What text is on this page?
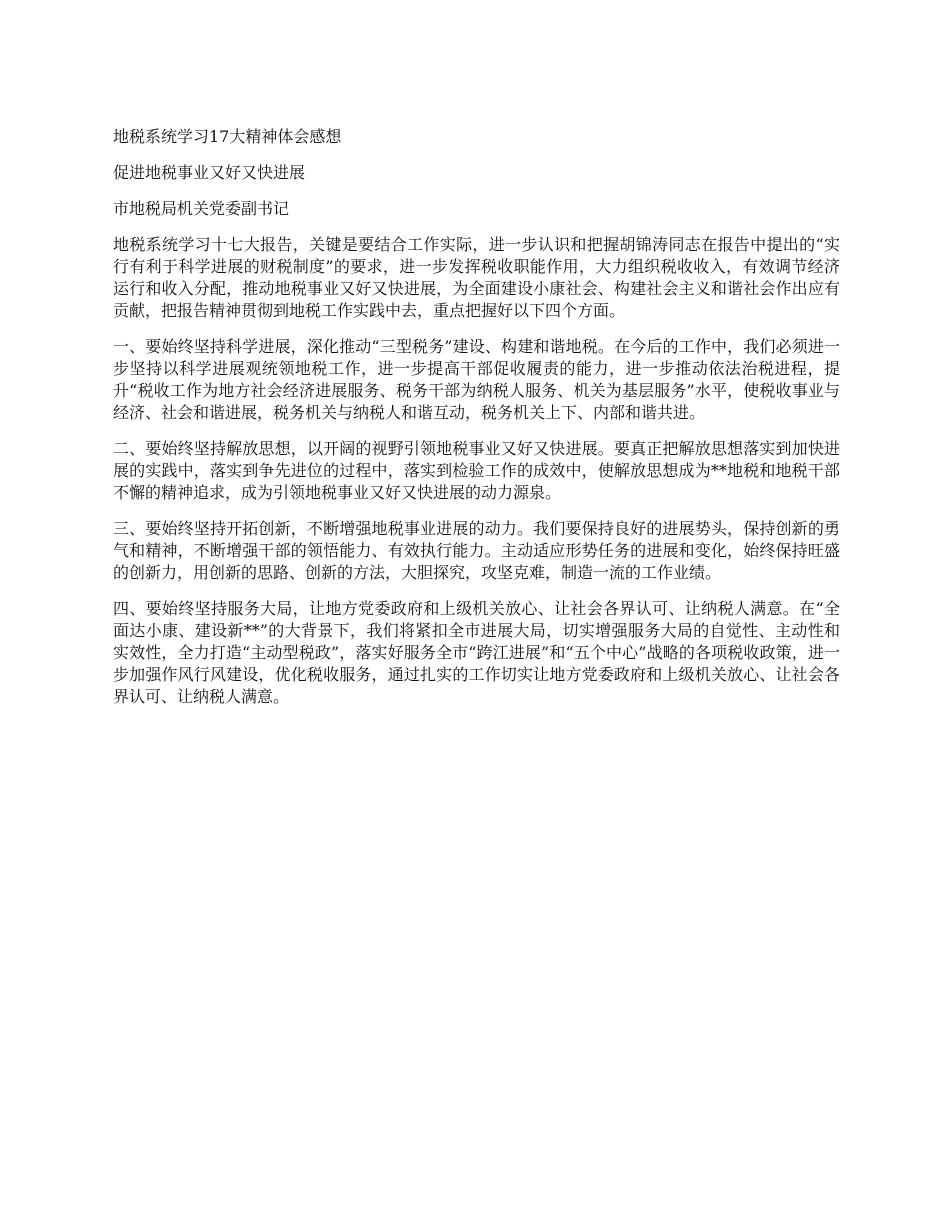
地税系统学习17大精神体会感想

促进地税事业又好又快进展

市地税局机关党委副书记

地税系统学习十七大报告，关键是要结合工作实际，进一步认识和把握胡锦涛同志在报告中提出的“实行有利于科学进展的财税制度”的要求，进一步发挥税收职能作用，大力组织税收收入，有效调节经济运行和收入分配，推动地税事业又好又快进展，为全面建设小康社会、构建社会主义和谐社会作出应有贡献，把报告精神贯彻到地税工作实践中去，重点把握好以下四个方面。

一、要始终坚持科学进展，深化推动“三型税务”建设、构建和谐地税。在今后的工作中，我们必须进一步坚持以科学进展观统领地税工作，进一步提高干部促收履责的能力，进一步推动依法治税进程，提升“税收工作为地方社会经济进展服务、税务干部为纳税人服务、机关为基层服务”水平，使税收事业与经济、社会和谐进展，税务机关与纳税人和谐互动，税务机关上下、内部和谐共进。

二、要始终坚持解放思想，以开阔的视野引领地税事业又好又快进展。要真正把解放思想落实到加快进展的实践中，落实到争先进位的过程中，落实到检验工作的成效中，使解放思想成为**地税和地税干部不懈的精神追求，成为引领地税事业又好又快进展的动力源泉。

三、要始终坚持开拓创新，不断增强地税事业进展的动力。我们要保持良好的进展势头，保持创新的勇气和精神，不断增强干部的领悟能力、有效执行能力。主动适应形势任务的进展和变化，始终保持旺盛的创新力，用创新的思路、创新的方法，大胆探究，攻坚克难，制造一流的工作业绩。

四、要始终坚持服务大局，让地方党委政府和上级机关放心、让社会各界认可、让纳税人满意。在“全面达小康、建设新**”的大背景下，我们将紧扣全市进展大局，切实增强服务大局的自觉性、主动性和实效性，全力打造“主动型税政”，落实好服务全市“跨江进展”和“五个中心”战略的各项税收政策，进一步加强作风行风建设，优化税收服务，通过扎实的工作切实让地方党委政府和上级机关放心、让社会各界认可、让纳税人满意。
